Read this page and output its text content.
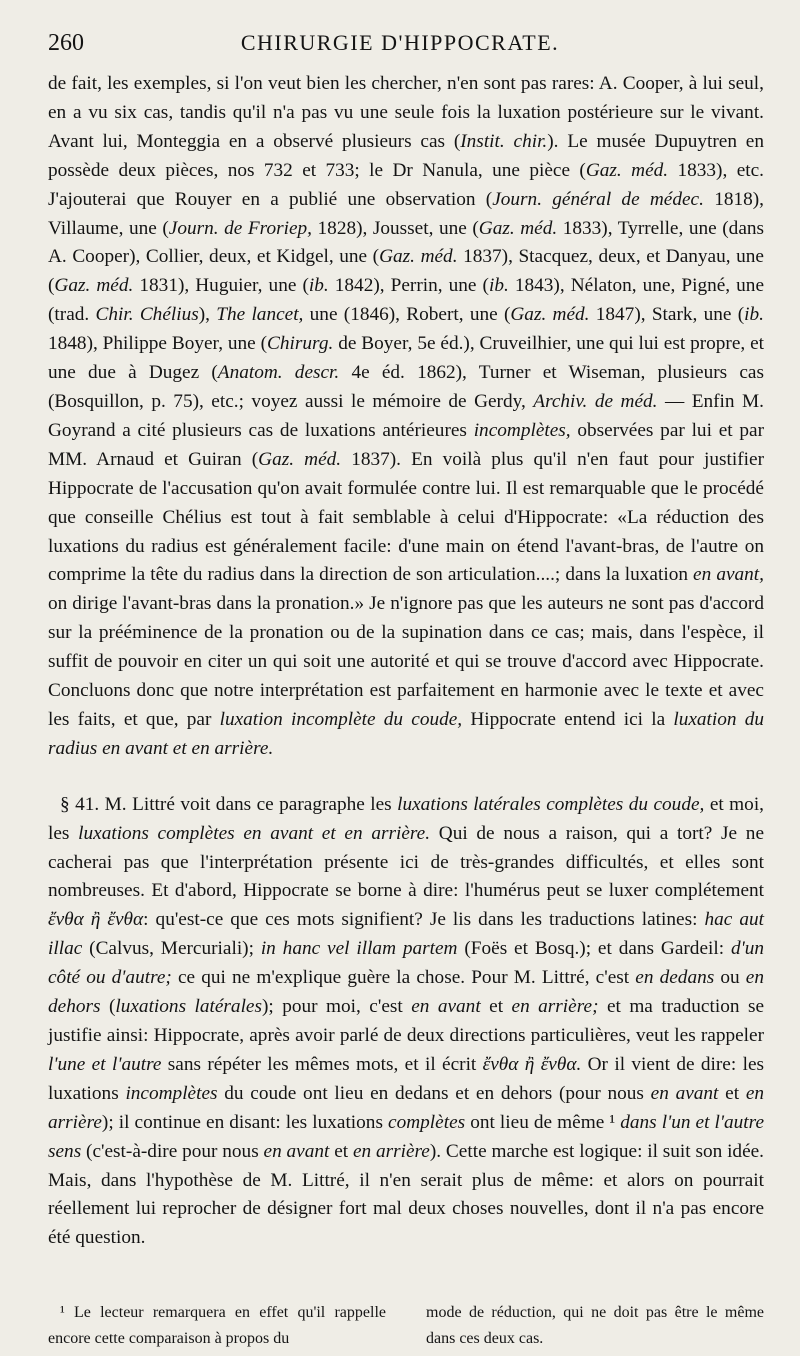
260	CHIRURGIE D'HIPPOCRATE.

de fait, les exemples, si l'on veut bien les chercher, n'en sont pas rares: A. Cooper, à lui seul, en a vu six cas, tandis qu'il n'a pas vu une seule fois la luxation postérieure sur le vivant. Avant lui, Monteggia en a observé plusieurs cas (Instit. chir.). Le musée Dupuytren en possède deux pièces, nos 732 et 733; le Dr Nanula, une pièce (Gaz. méd. 1833), etc. J'ajouterai que Rouyer en a publié une observation (Journ. général de médec. 1818), Villaume, une (Journ. de Froriep, 1828), Jousset, une (Gaz. méd. 1833), Tyrrelle, une (dans A. Cooper), Collier, deux, et Kidgel, une (Gaz. méd. 1837), Stacquez, deux, et Danyau, une (Gaz. méd. 1831), Huguier, une (ib. 1842), Perrin, une (ib. 1843), Nélaton, une, Pigné, une (trad. Chir. Chélius), The lancet, une (1846), Robert, une (Gaz. méd. 1847), Stark, une (ib. 1848), Philippe Boyer, une (Chirurg. de Boyer, 5e éd.), Cruveilhier, une qui lui est propre, et une due à Dugez (Anatom. descr. 4e éd. 1862), Turner et Wiseman, plusieurs cas (Bosquillon, p. 75), etc.; voyez aussi le mémoire de Gerdy, Archiv. de méd. — Enfin M. Goyrand a cité plusieurs cas de luxations antérieures incomplètes, observées par lui et par MM. Arnaud et Guiran (Gaz. méd. 1837). En voilà plus qu'il n'en faut pour justifier Hippocrate de l'accusation qu'on avait formulée contre lui. Il est remarquable que le procédé que conseille Chélius est tout à fait semblable à celui d'Hippocrate: «La réduction des luxations du radius est généralement facile: d'une main on étend l'avant-bras, de l'autre on comprime la tête du radius dans la direction de son articulation....; dans la luxation en avant, on dirige l'avant-bras dans la pronation.» Je n'ignore pas que les auteurs ne sont pas d'accord sur la prééminence de la pronation ou de la supination dans ce cas; mais, dans l'espèce, il suffit de pouvoir en citer un qui soit une autorité et qui se trouve d'accord avec Hippocrate. Concluons donc que notre interprétation est parfaitement en harmonie avec le texte et avec les faits, et que, par luxation incomplète du coude, Hippocrate entend ici la luxation du radius en avant et en arrière.

§ 41. M. Littré voit dans ce paragraphe les luxations latérales complètes du coude, et moi, les luxations complètes en avant et en arrière. Qui de nous a raison, qui a tort? Je ne cacherai pas que l'interprétation présente ici de très-grandes difficultés, et elles sont nombreuses. Et d'abord, Hippocrate se borne à dire: l'humérus peut se luxer complétement ἔνθα ἢ ἔνθα: qu'est-ce que ces mots signifient? Je lis dans les traductions latines: hac aut illac (Calvus, Mercuriali); in hanc vel illam partem (Foës et Bosq.); et dans Gardeil: d'un côté ou d'autre; ce qui ne m'explique guère la chose. Pour M. Littré, c'est en dedans ou en dehors (luxations latérales); pour moi, c'est en avant et en arrière; et ma traduction se justifie ainsi: Hippocrate, après avoir parlé de deux directions particulières, veut les rappeler l'une et l'autre sans répéter les mêmes mots, et il écrit ἔνθα ἢ ἔνθα. Or il vient de dire: les luxations incomplètes du coude ont lieu en dedans et en dehors (pour nous en avant et en arrière); il continue en disant: les luxations complètes ont lieu de même ¹ dans l'un et l'autre sens (c'est-à-dire pour nous en avant et en arrière). Cette marche est logique: il suit son idée. Mais, dans l'hypothèse de M. Littré, il n'en serait plus de même: et alors on pourrait réellement lui reprocher de désigner fort mal deux choses nouvelles, dont il n'a pas encore été question.

¹ Le lecteur remarquera en effet qu'il rappelle encore cette comparaison à propos du
mode de réduction, qui ne doit pas être le même dans ces deux cas.
